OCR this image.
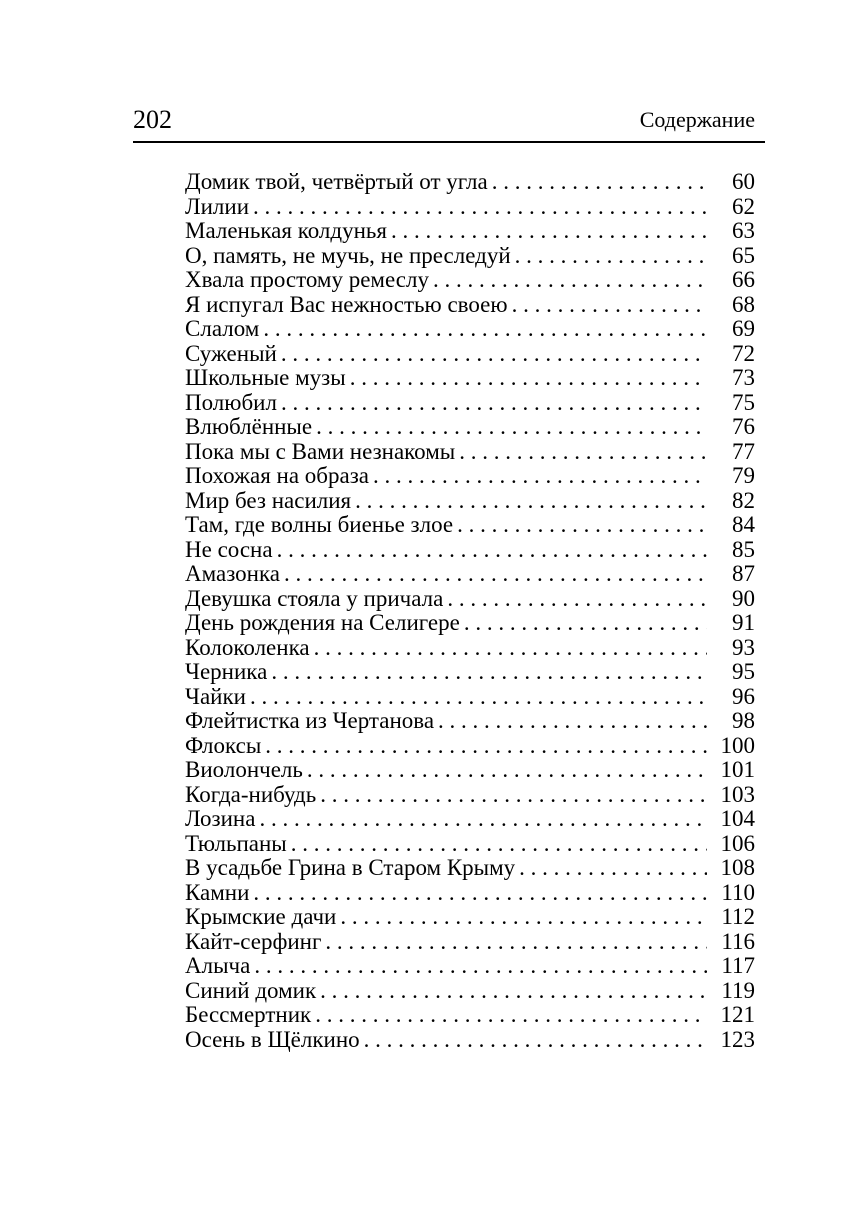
202	Содержание
Домик твой, четвёртый от угла . . .	60
Лилии . . .	62
Маленькая колдунья . . .	63
О, память, не мучь, не преследуй . . .	65
Хвала простому ремеслу . . .	66
Я испугал Вас нежностью своею . . .	68
Слалом . . .	69
Суженый . . .	72
Школьные музы . . .	73
Полюбил . . .	75
Влюблённые . . .	76
Пока мы с Вами незнакомы . . .	77
Похожая на образа . . .	79
Мир без насилия . . .	82
Там, где волны биенье злое . . .	84
Не сосна . . .	85
Амазонка . . .	87
Девушка стояла у причала . . .	90
День рождения на Селигере . . .	91
Колоколенка . . .	93
Черника . . .	95
Чайки . . .	96
Флейтистка из Чертанова . . .	98
Флоксы . . .	100
Виолончель . . .	101
Когда-нибудь . . .	103
Лозина . . .	104
Тюльпаны . . .	106
В усадьбе Грина в Старом Крыму . . .	108
Камни . . .	110
Крымские дачи . . .	112
Кайт-серфинг . . .	116
Алыча . . .	117
Синий домик . . .	119
Бессмертник . . .	121
Осень в Щёлкино . . .	123
